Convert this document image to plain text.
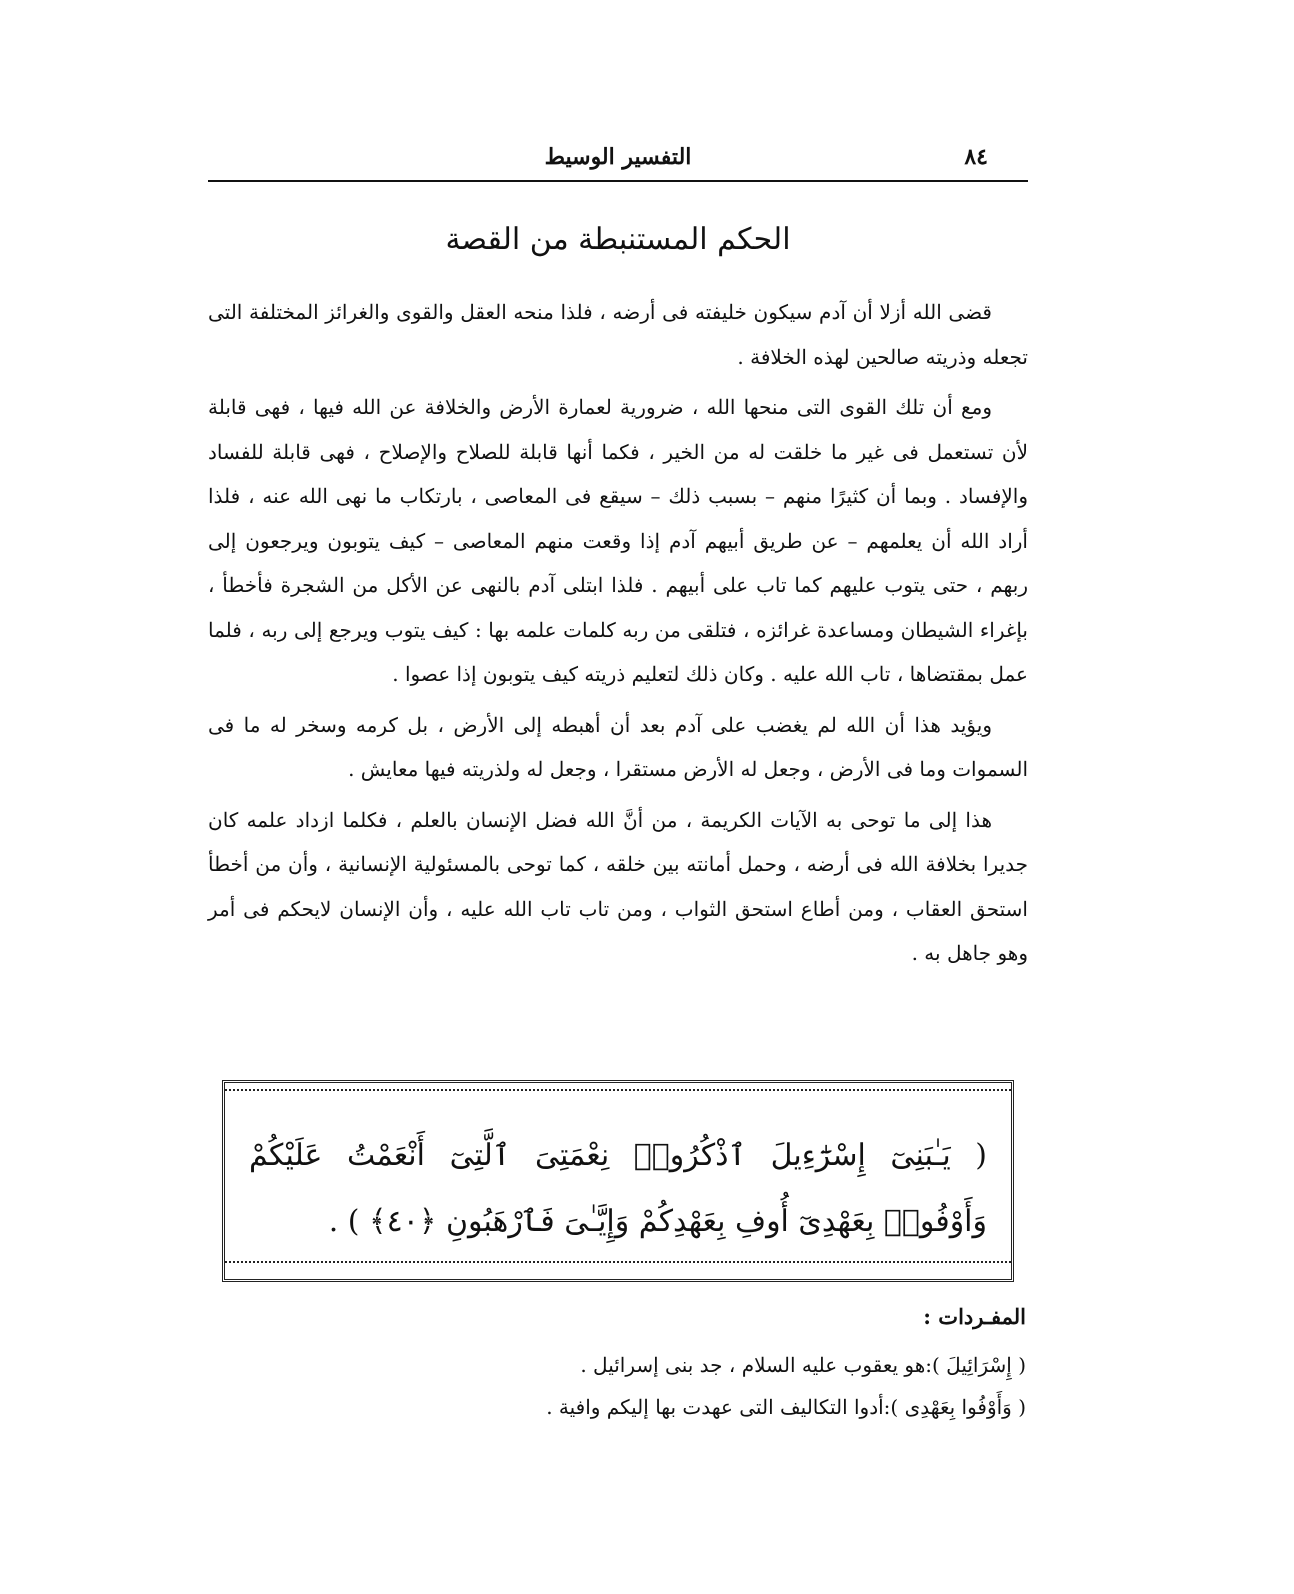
٨٤
التفسير الوسيط
الحكم المستنبطة من القصة

قضى الله أزلا أن آدم سيكون خليفته فى أرضه ، فلذا منحه العقل والقوى والغرائز المختلفة التى تجعله وذريته صالحين لهذه الخلافة .

ومع أن تلك القوى التى منحها الله ، ضرورية لعمارة الأرض والخلافة عن الله فيها ، فهى قابلة لأن تستعمل فى غير ما خلقت له من الخير ، فكما أنها قابلة للصلاح والإصلاح ، فهى قابلة للفساد والإفساد . وبما أن كثيرًا منهم – بسبب ذلك – سيقع فى المعاصى ، بارتكاب ما نهى الله عنه ، فلذا أراد الله أن يعلمهم – عن طريق أبيهم آدم إذا وقعت منهم المعاصى – كيف يتوبون ويرجعون إلى ربهم ، حتى يتوب عليهم كما تاب على أبيهم . فلذا ابتلى آدم بالنهى عن الأكل من الشجرة فأخطأ ، بإغراء الشيطان ومساعدة غرائزه ، فتلقى من ربه كلمات علمه بها : كيف يتوب ويرجع إلى ربه ، فلما عمل بمقتضاها ، تاب الله عليه . وكان ذلك لتعليم ذريته كيف يتوبون إذا عصوا .

ويؤيد هذا أن الله لم يغضب على آدم بعد أن أهبطه إلى الأرض ، بل كرمه وسخر له ما فى السموات وما فى الأرض ، وجعل له الأرض مستقرا ، وجعل له ولذريته فيها معايش .

هذا إلى ما توحى به الآيات الكريمة ، من أنَّ الله فضل الإنسان بالعلم ، فكلما ازداد علمه كان جديرا بخلافة الله فى أرضه ، وحمل أمانته بين خلقه ، كما توحى بالمسئولية الإنسانية ، وأن من أخطأ استحق العقاب ، ومن أطاع استحق الثواب ، ومن تاب تاب الله عليه ، وأن الإنسان لايحكم فى أمر وهو جاهل به .

( يَـٰبَنِىٓ إِسْرَٰٓءِيلَ ٱذْكُرُوا۟ نِعْمَتِىَ ٱلَّتِىٓ أَنْعَمْتُ عَلَيْكُمْ وَأَوْفُوا۟ بِعَهْدِىٓ أُوفِ بِعَهْدِكُمْ وَإِيَّـٰىَ فَٱرْهَبُونِ ﴿٤٠﴾ ) .
المفـردات :
( إِسْرَائِيلَ ):هو يعقوب عليه السلام ، جد بنى إسرائيل .
( وَأَوْفُوا بِعَهْدِى ):أدوا التكاليف التى عهدت بها إليكم وافية .
